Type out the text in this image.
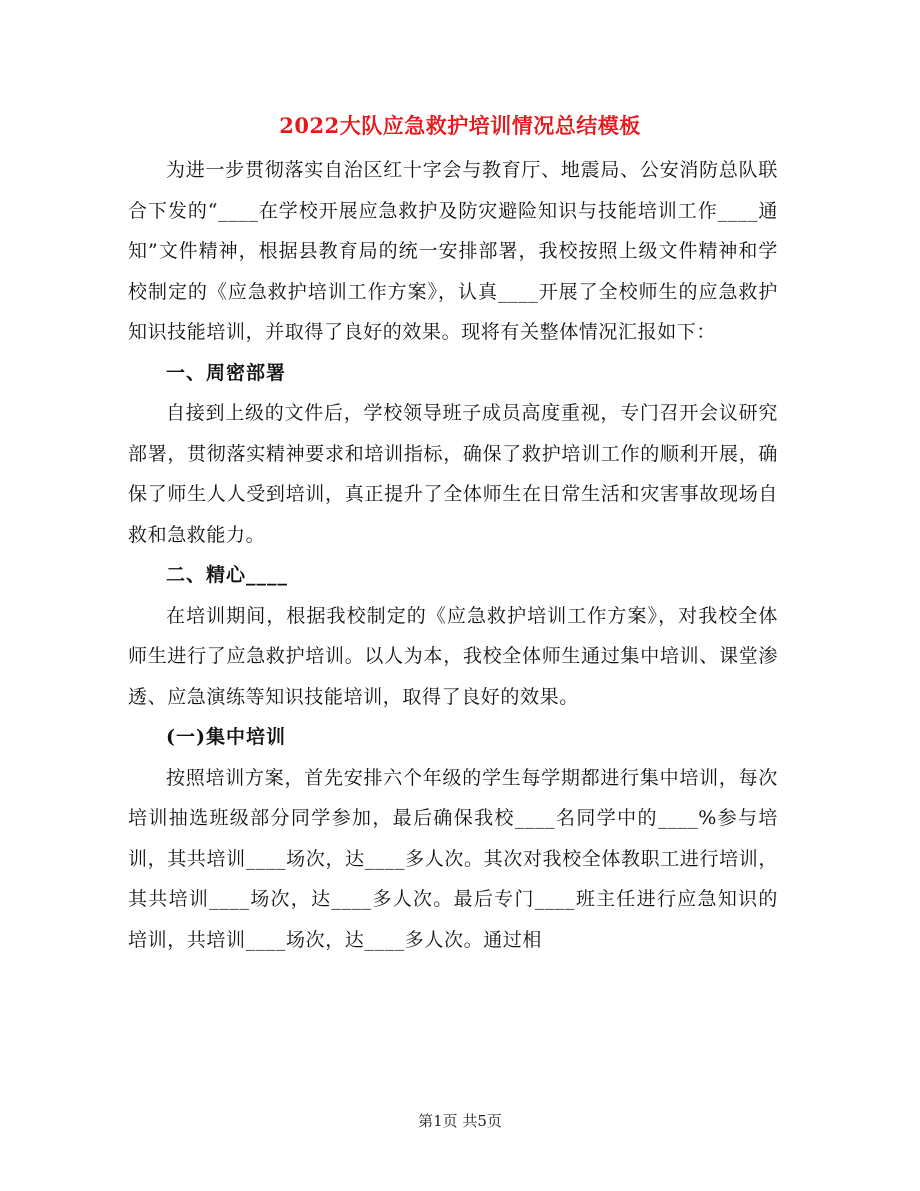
2022大队应急救护培训情况总结模板

为进一步贯彻落实自治区红十字会与教育厅、地震局、公安消防总队联合下发的“____在学校开展应急救护及防灾避险知识与技能培训工作____通知”文件精神，根据县教育局的统一安排部署，我校按照上级文件精神和学校制定的《应急救护培训工作方案》，认真____开展了全校师生的应急救护知识技能培训，并取得了良好的效果。现将有关整体情况汇报如下：

一、周密部署

自接到上级的文件后，学校领导班子成员高度重视，专门召开会议研究部署，贯彻落实精神要求和培训指标，确保了救护培训工作的顺利开展，确保了师生人人受到培训，真正提升了全体师生在日常生活和灾害事故现场自救和急救能力。

二、精心____

在培训期间，根据我校制定的《应急救护培训工作方案》，对我校全体师生进行了应急救护培训。以人为本，我校全体师生通过集中培训、课堂渗透、应急演练等知识技能培训，取得了良好的效果。

(一)集中培训

按照培训方案，首先安排六个年级的学生每学期都进行集中培训，每次培训抽选班级部分同学参加，最后确保我校____名同学中的____%参与培训，其共培训____场次，达____多人次。其次对我校全体教职工进行培训，其共培训____场次，达____多人次。最后专门____班主任进行应急知识的培训，共培训____场次，达____多人次。通过相

第1页 共5页
